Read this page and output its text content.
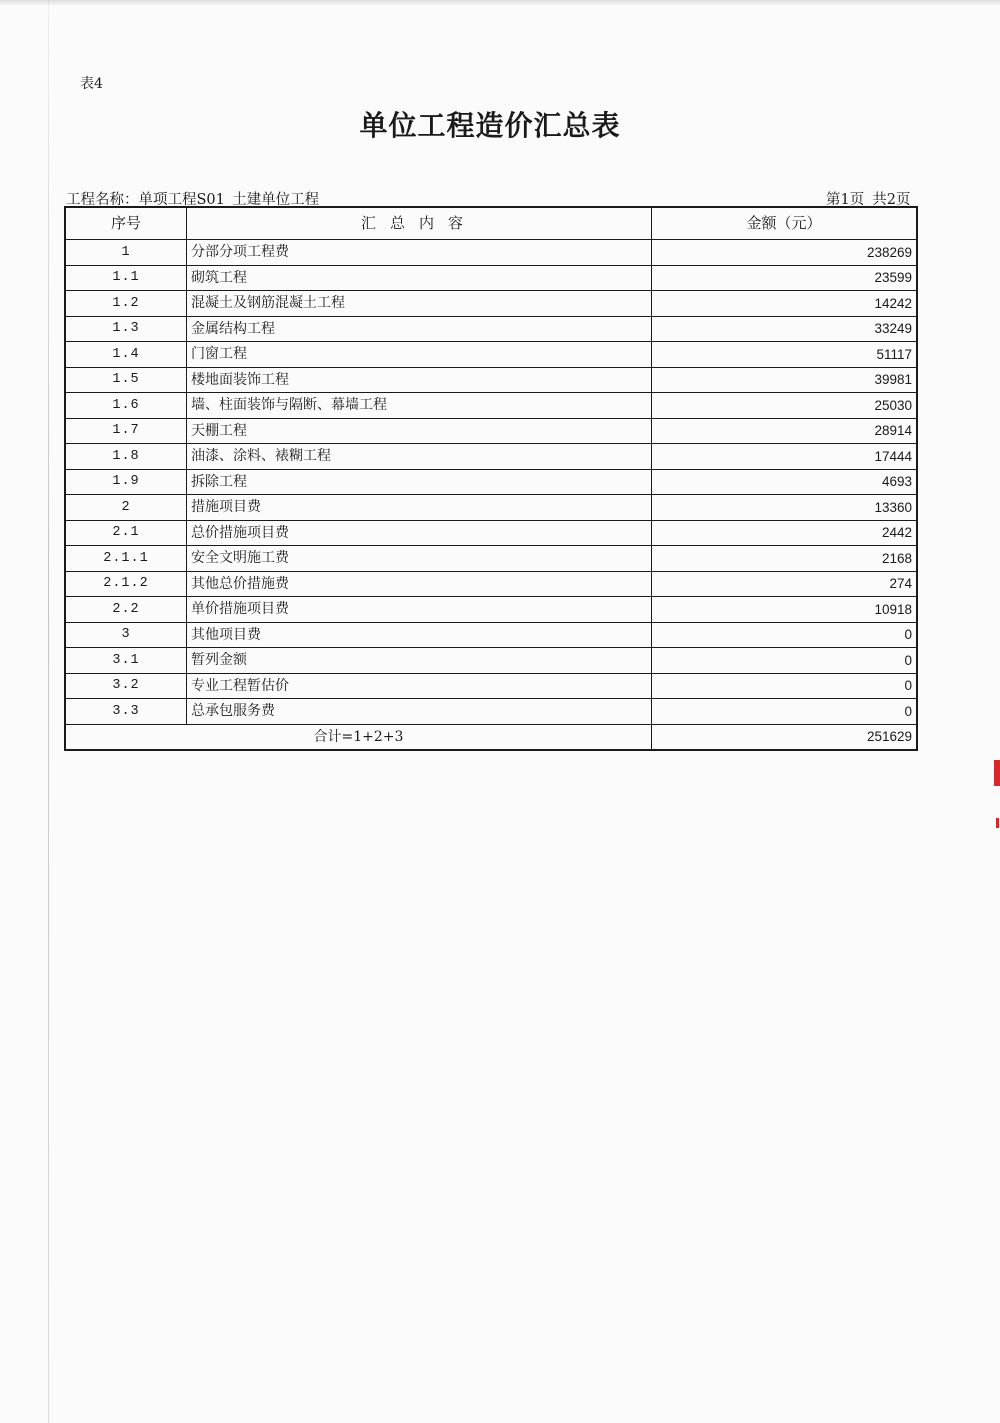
表4
单位工程造价汇总表
工程名称：单项工程S01_土建单位工程	第1页 共2页
序号	汇总内容	金额（元）
1	分部分项工程费	238269
1.1	砌筑工程	23599
1.2	混凝土及钢筋混凝土工程	14242
1.3	金属结构工程	33249
1.4	门窗工程	51117
1.5	楼地面装饰工程	39981
1.6	墙、柱面装饰与隔断、幕墙工程	25030
1.7	天棚工程	28914
1.8	油漆、涂料、裱糊工程	17444
1.9	拆除工程	4693
2	措施项目费	13360
2.1	总价措施项目费	2442
2.1.1	安全文明施工费	2168
2.1.2	其他总价措施费	274
2.2	单价措施项目费	10918
3	其他项目费	0
3.1	暂列金额	0
3.2	专业工程暂估价	0
3.3	总承包服务费	0
合计=1+2+3		251629
